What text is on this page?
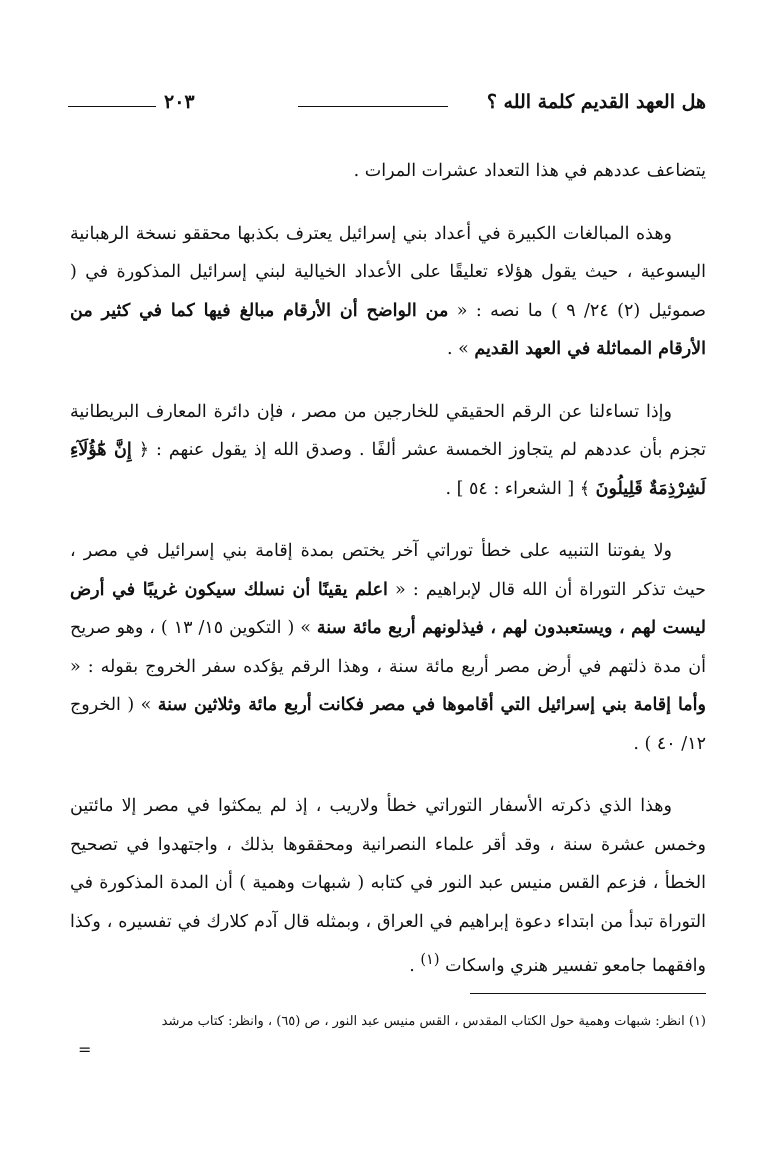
هل العهد القديم كلمة الله ؟
٢٠٣

يتضاعف عددهم في هذا التعداد عشرات المرات .

وهذه المبالغات الكبيرة في أعداد بني إسرائيل يعترف بكذبها محققو نسخة الرهبانية اليسوعية ، حيث يقول هؤلاء تعليقًا على الأعداد الخيالية لبني إسرائيل المذكورة في ( صموئيل (٢) ٢٤/ ٩ ) ما نصه : « من الواضح أن الأرقام مبالغ فيها كما في كثير من الأرقام المماثلة في العهد القديم » .

وإذا تساءلنا عن الرقم الحقيقي للخارجين من مصر ، فإن دائرة المعارف البريطانية تجزم بأن عددهم لم يتجاوز الخمسة عشر ألفًا . وصدق الله إذ يقول عنهم : ﴿ إِنَّ هَٰٓؤُلَآءِ لَشِرْذِمَةٌ قَلِيلُونَ ﴾ [ الشعراء : ٥٤ ] .

ولا يفوتنا التنبيه على خطأ توراتي آخر يختص بمدة إقامة بني إسرائيل في مصر ، حيث تذكر التوراة أن الله قال لإبراهيم : « اعلم يقينًا أن نسلك سيكون غريبًا في أرض ليست لهم ، ويستعبدون لهم ، فيذلونهم أربع مائة سنة » ( التكوين ١٥/ ١٣ ) ، وهو صريح أن مدة ذلتهم في أرض مصر أربع مائة سنة ، وهذا الرقم يؤكده سفر الخروج بقوله : « وأما إقامة بني إسرائيل التي أقاموها في مصر فكانت أربع مائة وثلاثين سنة » ( الخروج ١٢/ ٤٠ ) .

وهذا الذي ذكرته الأسفار التوراتي خطأ ولاريب ، إذ لم يمكثوا في مصر إلا مائتين وخمس عشرة سنة ، وقد أقر علماء النصرانية ومحققوها بذلك ، واجتهدوا في تصحيح الخطأ ، فزعم القس منيس عبد النور في كتابه ( شبهات وهمية ) أن المدة المذكورة في التوراة تبدأ من ابتداء دعوة إبراهيم في العراق ، وبمثله قال آدم كلارك في تفسيره ، وكذا وافقهما جامعو تفسير هنري واسكات $^{(١)}$ .

(١) انظر: شبهات وهمية حول الكتاب المقدس ، القس منيس عبد النور ، ص (٦٥) ، وانظر: كتاب مرشد
=
